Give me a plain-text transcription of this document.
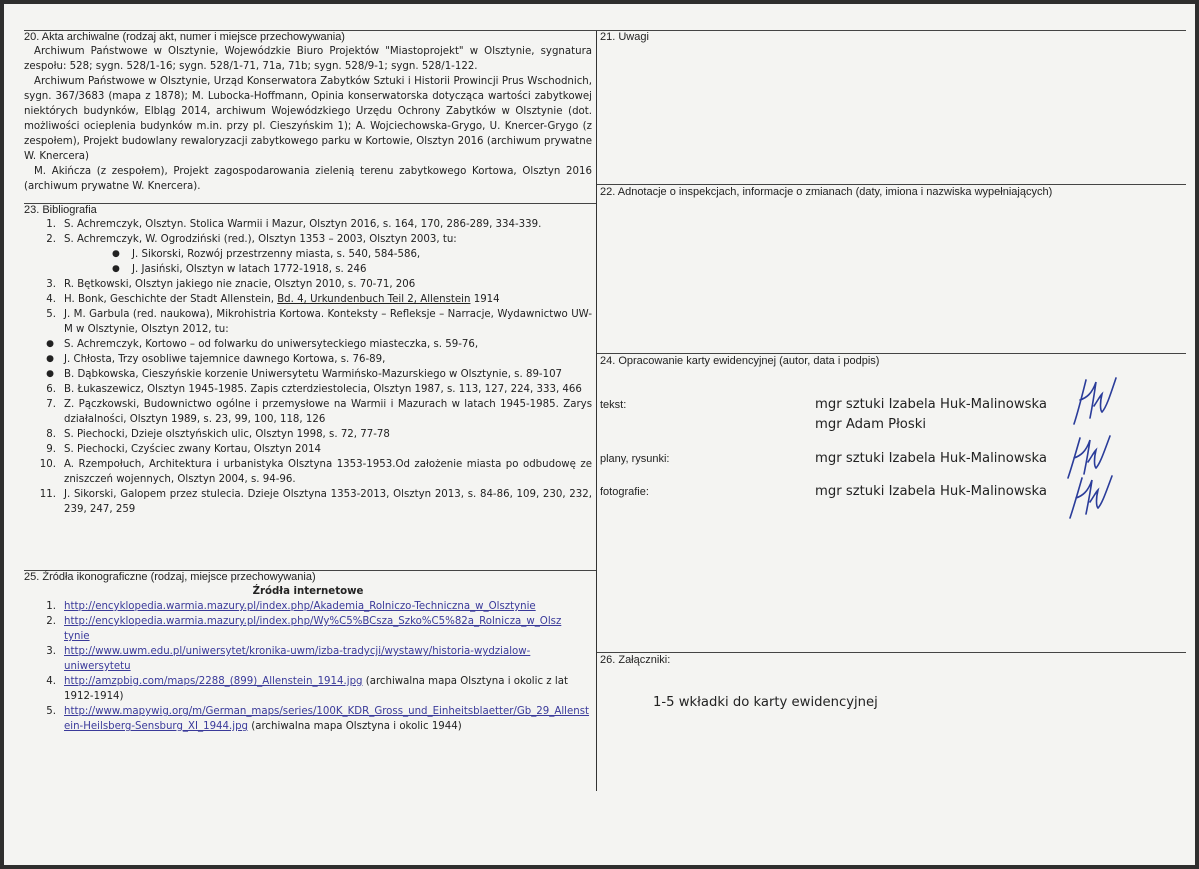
20. Akta archiwalne (rodzaj akt, numer i miejsce przechowywania)
Archiwum Państwowe w Olsztynie, Wojewódzkie Biuro Projektów "Miastoprojekt" w Olsztynie, sygnatura zespołu: 528; sygn. 528/1-16; sygn. 528/1-71, 71a, 71b; sygn. 528/9-1; sygn. 528/1-122.
Archiwum Państwowe w Olsztynie, Urząd Konserwatora Zabytków Sztuki i Historii Prowincji Prus Wschodnich, sygn. 367/3683 (mapa z 1878); M. Lubocka-Hoffmann, Opinia konserwatorska dotycząca wartości zabytkowej niektórych budynków, Elbląg 2014, archiwum Wojewódzkiego Urzędu Ochrony Zabytków w Olsztynie (dot. możliwości ocieplenia budynków m.in. przy pl. Cieszyńskim 1); A. Wojciechowska-Grygo, U. Knercer-Grygo (z zespołem), Projekt budowlany rewaloryzacji zabytkowego parku w Kortowie, Olsztyn 2016 (archiwum prywatne W. Knercera)
M. Akińcza (z zespołem), Projekt zagospodarowania zielenią terenu zabytkowego Kortowa, Olsztyn 2016 (archiwum prywatne W. Knercera).
23. Bibliografia
1. S. Achremczyk, Olsztyn. Stolica Warmii i Mazur, Olsztyn 2016, s. 164, 170, 286-289, 334-339.
2. S. Achremczyk, W. Ogrodziński (red.), Olsztyn 1353 – 2003, Olsztyn 2003, tu:
●	J. Sikorski, Rozwój przestrzenny miasta, s. 540, 584-586,
●	J. Jasiński, Olsztyn w latach 1772-1918, s. 246
3. R. Bętkowski, Olsztyn jakiego nie znacie, Olsztyn 2010, s. 70-71, 206
4. H. Bonk, Geschichte der Stadt Allenstein, Bd. 4, Urkundenbuch Teil 2, Allenstein 1914
5. J. M. Garbula (red. naukowa), Mikrohistria Kortowa. Konteksty – Refleksje – Narracje, Wydawnictwo UW-M w Olsztynie, Olsztyn 2012, tu:
● S. Achremczyk, Kortowo – od folwarku do uniwersyteckiego miasteczka, s. 59-76,
● J. Chłosta, Trzy osobliwe tajemnice dawnego Kortowa, s. 76-89,
● B. Dąbkowska, Cieszyńskie korzenie Uniwersytetu Warmińsko-Mazurskiego w Olsztynie, s. 89-107
6. B. Łukaszewicz, Olsztyn 1945-1985. Zapis czterdziestolecia, Olsztyn 1987, s. 113, 127, 224, 333, 466
7. Z. Pączkowski, Budownictwo ogólne i przemysłowe na Warmii i Mazurach w latach 1945-1985. Zarys działalności, Olsztyn 1989, s. 23, 99, 100, 118, 126
8. S. Piechocki, Dzieje olsztyńskich ulic, Olsztyn 1998, s. 72, 77-78
9. S. Piechocki, Czyściec zwany Kortau, Olsztyn 2014
10. A. Rzempołuch, Architektura i urbanistyka Olsztyna 1353-1953.Od założenie miasta po odbudowę ze zniszczeń wojennych, Olsztyn 2004, s. 94-96.
11. J. Sikorski, Galopem przez stulecia. Dzieje Olsztyna 1353-2013, Olsztyn 2013, s. 84-86, 109, 230, 232, 239, 247, 259
25. Źródła ikonograficzne (rodzaj, miejsce przechowywania)
Źródła internetowe
1. http://encyklopedia.warmia.mazury.pl/index.php/Akademia_Rolniczo-Techniczna_w_Olsztynie
2. http://encyklopedia.warmia.mazury.pl/index.php/Wy%C5%BCsza_Szko%C5%82a_Rolnicza_w_Olsztynie
3. http://www.uwm.edu.pl/uniwersytet/kronika-uwm/izba-tradycji/wystawy/historia-wydzialow-uniwersytetu
4. http://amzpbig.com/maps/2288_(899)_Allenstein_1914.jpg (archiwalna mapa Olsztyna i okolic z lat 1912-1914)
5. http://www.mapywig.org/m/German_maps/series/100K_KDR_Gross_und_Einheitsblaetter/Gb_29_Allenstein-Heilsberg-Sensburg_XI_1944.jpg (archiwalna mapa Olsztyna i okolic 1944)
21. Uwagi
22. Adnotacje o inspekcjach, informacje o zmianach (daty, imiona i nazwiska wypełniających)
24. Opracowanie karty ewidencyjnej (autor, data i podpis)
tekst:	mgr sztuki Izabela Huk-Malinowska
mgr Adam Płoski
plany, rysunki:	mgr sztuki Izabela Huk-Malinowska
fotografie:	mgr sztuki Izabela Huk-Malinowska
26. Załączniki:
1-5 wkładki do karty ewidencyjnej
